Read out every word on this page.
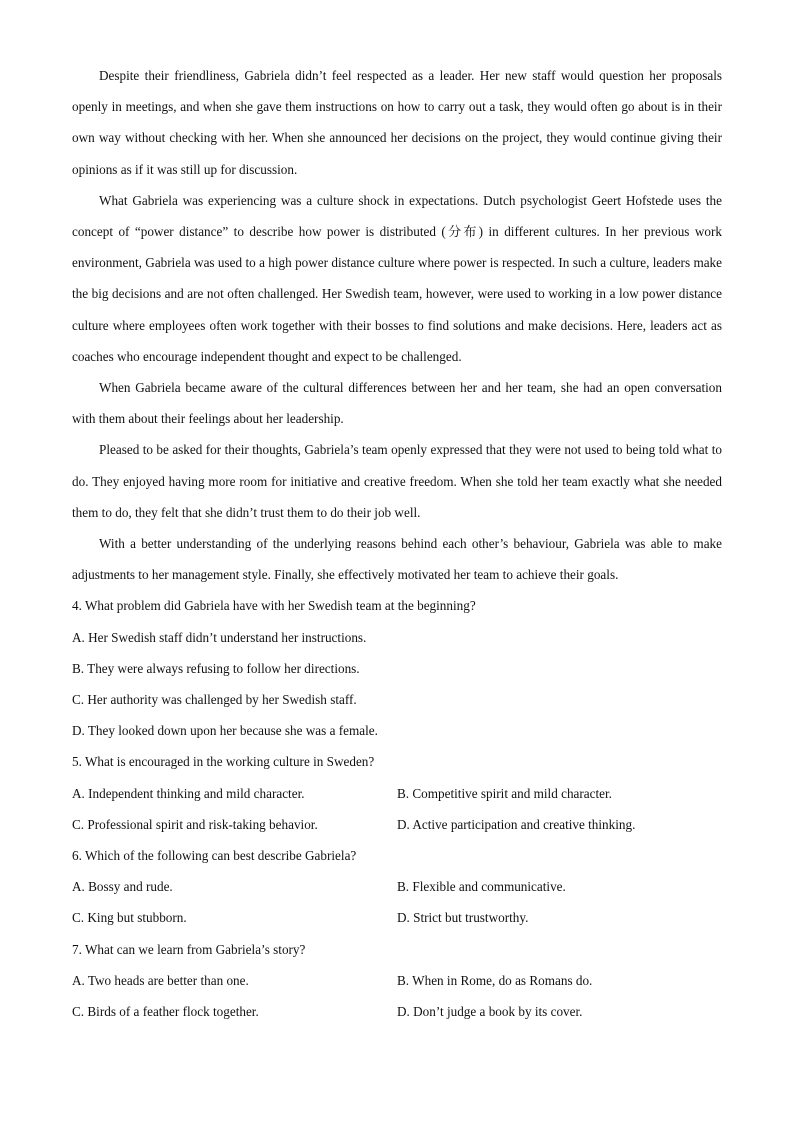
Despite their friendliness, Gabriela didn’t feel respected as a leader. Her new staff would question her proposals openly in meetings, and when she gave them instructions on how to carry out a task, they would often go about is in their own way without checking with her. When she announced her decisions on the project, they would continue giving their opinions as if it was still up for discussion.

What Gabriela was experiencing was a culture shock in expectations. Dutch psychologist Geert Hofstede uses the concept of “power distance” to describe how power is distributed (分布) in different cultures. In her previous work environment, Gabriela was used to a high power distance culture where power is respected. In such a culture, leaders make the big decisions and are not often challenged. Her Swedish team, however, were used to working in a low power distance culture where employees often work together with their bosses to find solutions and make decisions. Here, leaders act as coaches who encourage independent thought and expect to be challenged.

When Gabriela became aware of the cultural differences between her and her team, she had an open conversation with them about their feelings about her leadership.

Pleased to be asked for their thoughts, Gabriela’s team openly expressed that they were not used to being told what to do. They enjoyed having more room for initiative and creative freedom. When she told her team exactly what she needed them to do, they felt that she didn’t trust them to do their job well.

With a better understanding of the underlying reasons behind each other’s behaviour, Gabriela was able to make adjustments to her management style. Finally, she effectively motivated her team to achieve their goals.

4. What problem did Gabriela have with her Swedish team at the beginning?

A. Her Swedish staff didn’t understand her instructions.

B. They were always refusing to follow her directions.

C. Her authority was challenged by her Swedish staff.

D. They looked down upon her because she was a female.

5. What is encouraged in the working culture in Sweden?

A. Independent thinking and mild character.	B. Competitive spirit and mild character.
C. Professional spirit and risk-taking behavior.	D. Active participation and creative thinking.

6. Which of the following can best describe Gabriela?

A. Bossy and rude.	B. Flexible and communicative.
C. King but stubborn.	D. Strict but trustworthy.

7. What can we learn from Gabriela’s story?

A. Two heads are better than one.	B. When in Rome, do as Romans do.
C. Birds of a feather flock together.	D. Don’t judge a book by its cover.
